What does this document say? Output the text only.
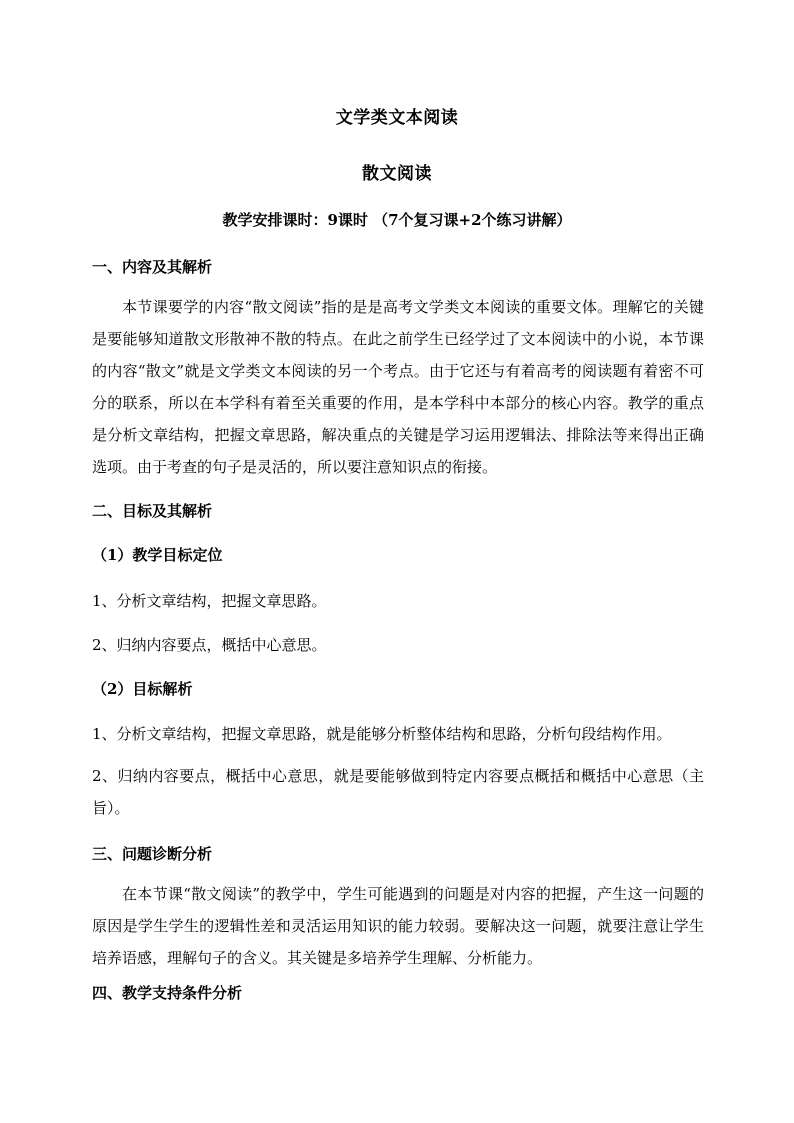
文学类文本阅读
散文阅读
教学安排课时：9课时 （7个复习课+2个练习讲解）
一、内容及其解析
本节课要学的内容“散文阅读”指的是是高考文学类文本阅读的重要文体。理解它的关键是要能够知道散文形散神不散的特点。在此之前学生已经学过了文本阅读中的小说，本节课的内容“散文”就是文学类文本阅读的另一个考点。由于它还与有着高考的阅读题有着密不可分的联系，所以在本学科有着至关重要的作用，是本学科中本部分的核心内容。教学的重点是分析文章结构，把握文章思路，解决重点的关键是学习运用逻辑法、排除法等来得出正确选项。由于考查的句子是灵活的，所以要注意知识点的衔接。
二、目标及其解析
（1）教学目标定位
1、分析文章结构，把握文章思路。
2、归纳内容要点，概括中心意思。
（2）目标解析
1、分析文章结构，把握文章思路，就是能够分析整体结构和思路，分析句段结构作用。
2、归纳内容要点，概括中心意思，就是要能够做到特定内容要点概括和概括中心意思（主旨）。
三、问题诊断分析
在本节课“散文阅读”的教学中，学生可能遇到的问题是对内容的把握，产生这一问题的原因是学生学生的逻辑性差和灵活运用知识的能力较弱。要解决这一问题，就要注意让学生培养语感，理解句子的含义。其关键是多培养学生理解、分析能力。
四、教学支持条件分析
